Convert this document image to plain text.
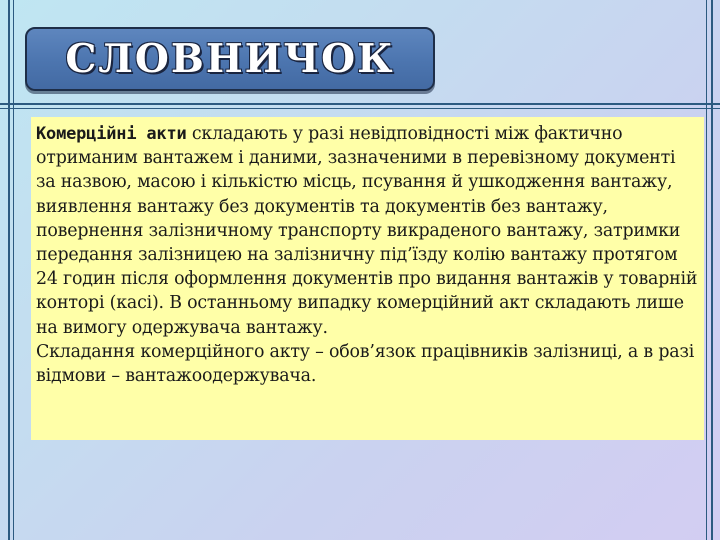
СЛОВНИЧОК

Комерційні акти складають у разі невідповідності між фактично отриманим вантажем і даними, зазначеними в перевізному документі за назвою, масою і кількістю місць, псування й ушкодження вантажу, виявлення вантажу без документів та документів без вантажу, повернення залізничному транспорту викраденого вантажу, затримки передання залізницею на залізничну під’їзду колію вантажу протягом 24 годин після оформлення документів про видання вантажів у товарній конторі (касі). В останньому випадку комерційний акт складають лише на вимогу одержувача вантажу.

Складання комерційного акту – обов’язок працівників залізниці, а в разі відмови – вантажоодержувача.
